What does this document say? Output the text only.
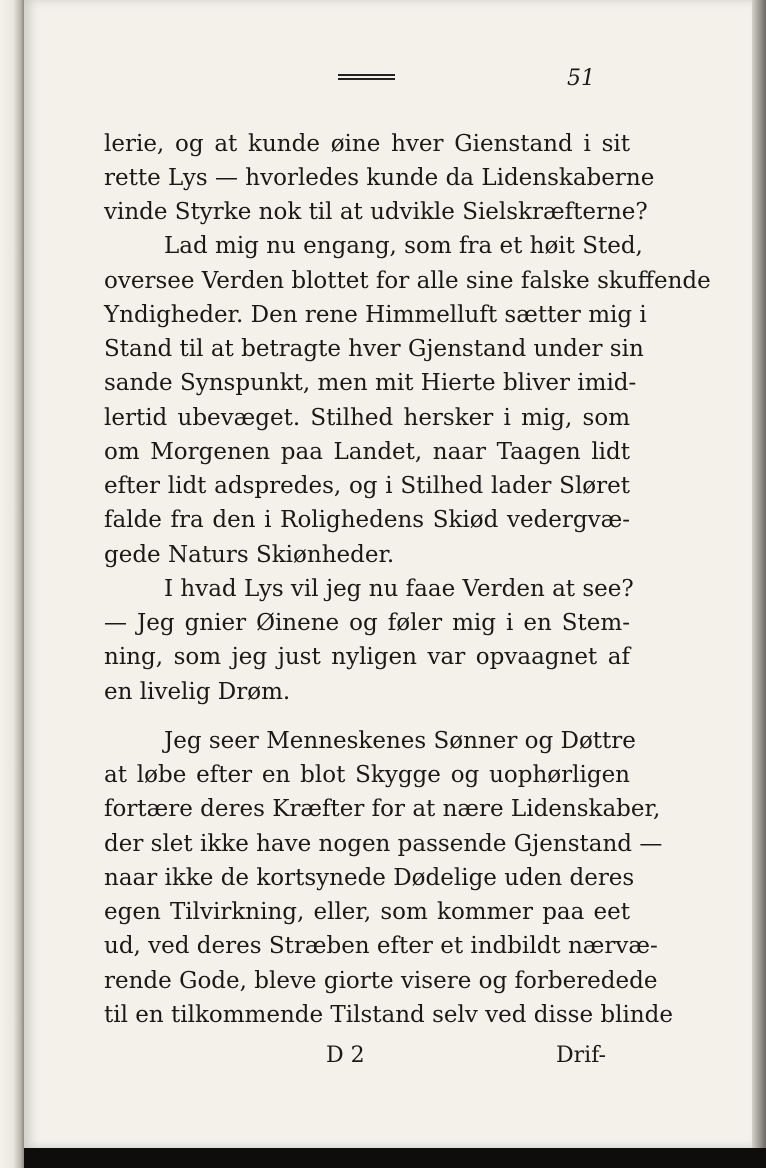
51
lerie, og at kunde øine hver Gienstand i sit
rette Lys — hvorledes kunde da Lidenskaberne
vinde Styrke nok til at udvikle Sielskræfterne?
Lad mig nu engang, som fra et høit Sted,
oversee Verden blottet for alle sine falske skuffende
Yndigheder. Den rene Himmelluft sætter mig i
Stand til at betragte hver Gjenstand under sin
sande Synspunkt, men mit Hierte bliver imid-
lertid ubevæget. Stilhed hersker i mig, som
om Morgenen paa Landet, naar Taagen lidt
efter lidt adspredes, og i Stilhed lader Sløret
falde fra den i Rolighedens Skiød vedergvæ-
gede Naturs Skiønheder.
I hvad Lys vil jeg nu faae Verden at see?
— Jeg gnier Øinene og føler mig i en Stem-
ning, som jeg just nyligen var opvaagnet af
en livelig Drøm.
Jeg seer Menneskenes Sønner og Døttre
at løbe efter en blot Skygge og uophørligen
fortære deres Kræfter for at nære Lidenskaber,
der slet ikke have nogen passende Gjenstand —
naar ikke de kortsynede Dødelige uden deres
egen Tilvirkning, eller, som kommer paa eet
ud, ved deres Stræben efter et indbildt nærvæ-
rende Gode, bleve giorte visere og forberedede
til en tilkommende Tilstand selv ved disse blinde
D 2	Drif-
